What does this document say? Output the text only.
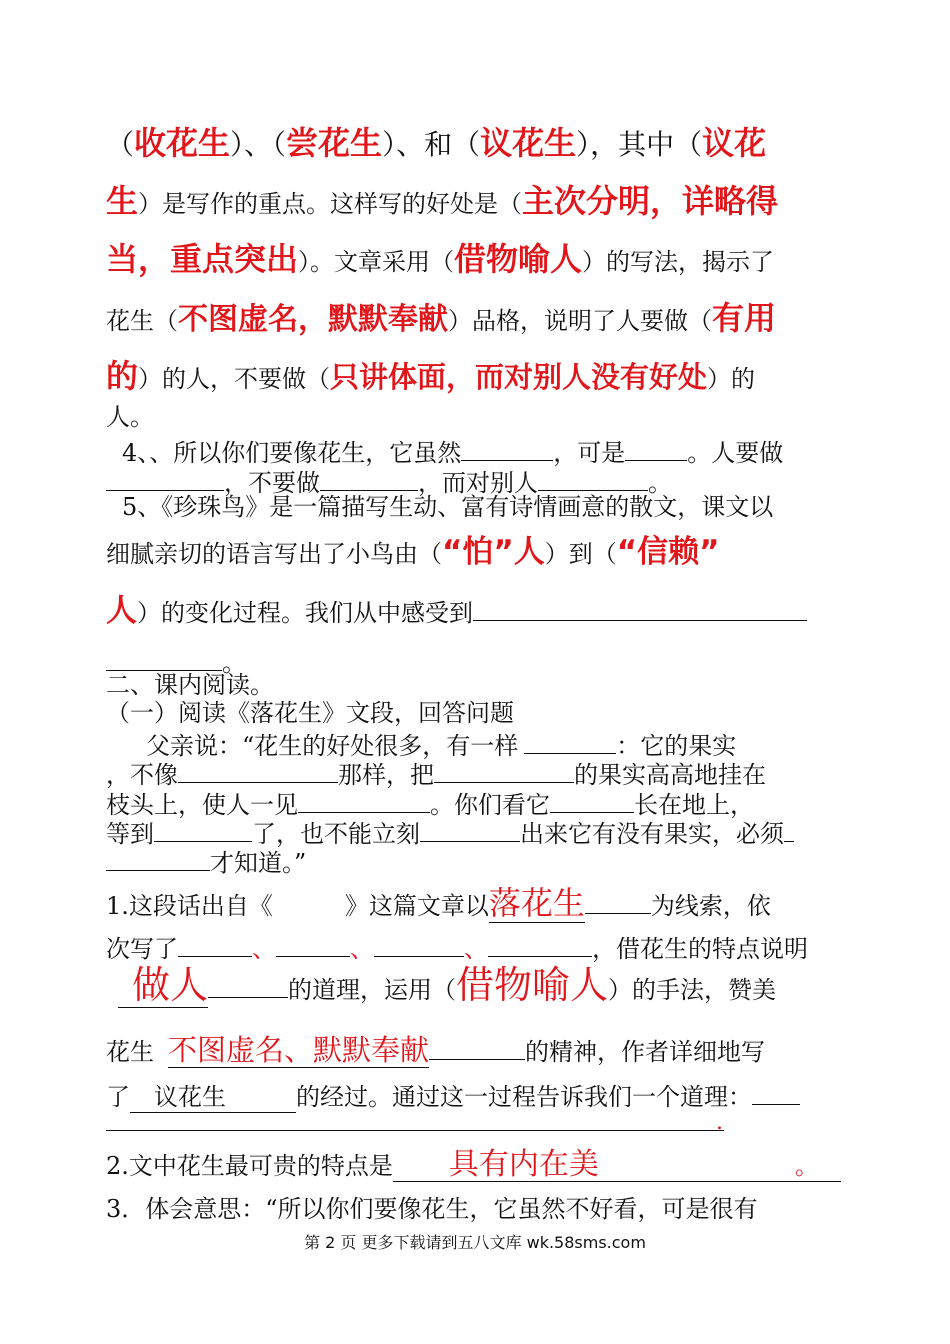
（收花生）、（尝花生）、和（议花生），其中（议花
生）是写作的重点。这样写的好处是（主次分明，详略得
当，重点突出）。文章采用（借物喻人）的写法，揭示了
花生（不图虚名，默默奉献）品格，说明了人要做（有用
的）的人，不要做（只讲体面，而对别人没有好处）的
人。
4、、所以你们要像花生，它虽然	，可是	。人要做
，不要做	，而对别人	。
5、《珍珠鸟》是一篇描写生动、富有诗情画意的散文，课文以
细腻亲切的语言写出了小鸟由（“怕”人）到（“信赖”
人）的变化过程。我们从中感受到
。
二、课内阅读。
（一）阅读《落花生》文段，回答问题
父亲说：“花生的好处很多，有一样	：它的果实
，不像	那样，把	的果实高高地挂在
枝头上，使人一见	。你们看它	长在地上，
等到	了，也不能立刻	出来它有没有果实，必须
才知道。”
1.这段话出自《	》这篇文章以落花生	为线索，依
次写了	、	、	、	，借花生的特点说明
做人	的道理，运用（借物喻人）的手法，赞美
花生 不图虚名、默默奉献	的精神，作者详细地写
了 议花生	的经过。通过这一过程告诉我们一个道理：
.
2.文中花生最可贵的特点是 具有内在美	。
3．体会意思：“所以你们要像花生，它虽然不好看，可是很有
第 2 页 更多下载请到五八文库 wk.58sms.com
